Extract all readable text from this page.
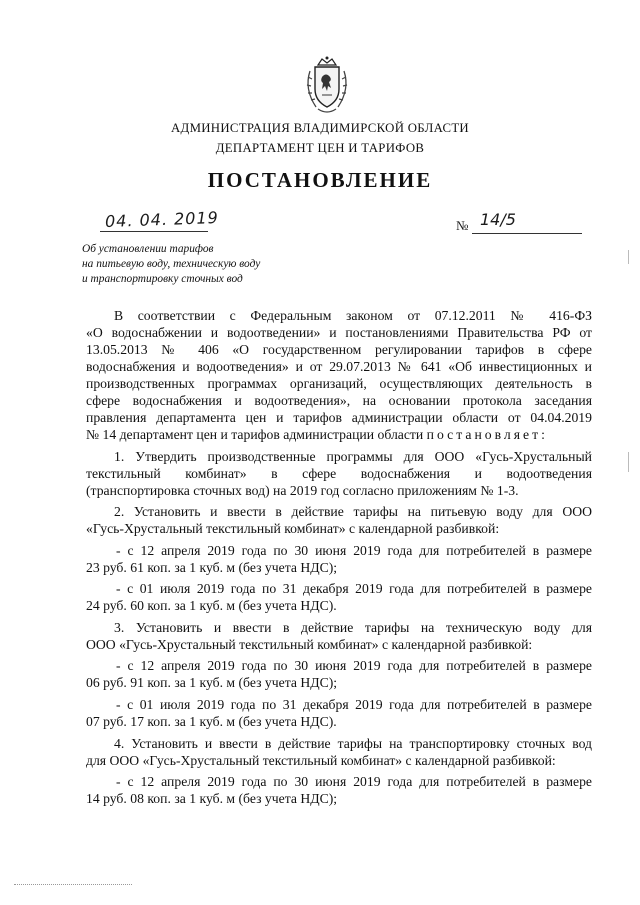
АДМИНИСТРАЦИЯ ВЛАДИМИРСКОЙ ОБЛАСТИ
ДЕПАРТАМЕНТ ЦЕН И ТАРИФОВ
ПОСТАНОВЛЕНИЕ
04. 04. 2019	№ 14/5
Об установлении тарифов
на питьевую воду, техническую воду
и транспортировку сточных вод
В соответствии с Федеральным законом от 07.12.2011 № 416-ФЗ
«О водоснабжении и водоотведении» и постановлениями Правительства РФ от
13.05.2013 № 406 «О государственном регулировании тарифов в сфере
водоснабжения и водоотведения» и от 29.07.2013 № 641 «Об инвестиционных и
производственных программах организаций, осуществляющих деятельность в
сфере водоснабжения и водоотведения», на основании протокола заседания
правления департамента цен и тарифов администрации области от 04.04.2019
№ 14 департамент цен и тарифов администрации области постановляет:
1. Утвердить производственные программы для ООО «Гусь-Хрустальный
текстильный комбинат» в сфере водоснабжения и водоотведения
(транспортировка сточных вод) на 2019 год согласно приложениям № 1-3.
2. Установить и ввести в действие тарифы на питьевую воду для ООО
«Гусь-Хрустальный текстильный комбинат» с календарной разбивкой:
- с 12 апреля 2019 года по 30 июня 2019 года для потребителей в размере
23 руб. 61 коп. за 1 куб. м (без учета НДС);
- с 01 июля 2019 года по 31 декабря 2019 года для потребителей в размере
24 руб. 60 коп. за 1 куб. м (без учета НДС).
3. Установить и ввести в действие тарифы на техническую воду для
ООО «Гусь-Хрустальный текстильный комбинат» с календарной разбивкой:
- с 12 апреля 2019 года по 30 июня 2019 года для потребителей в размере
06 руб. 91 коп. за 1 куб. м (без учета НДС);
- с 01 июля 2019 года по 31 декабря 2019 года для потребителей в размере
07 руб. 17 коп. за 1 куб. м (без учета НДС).
4. Установить и ввести в действие тарифы на транспортировку сточных вод
для ООО «Гусь-Хрустальный текстильный комбинат» с календарной разбивкой:
- с 12 апреля 2019 года по 30 июня 2019 года для потребителей в размере
14 руб. 08 коп. за 1 куб. м (без учета НДС);
